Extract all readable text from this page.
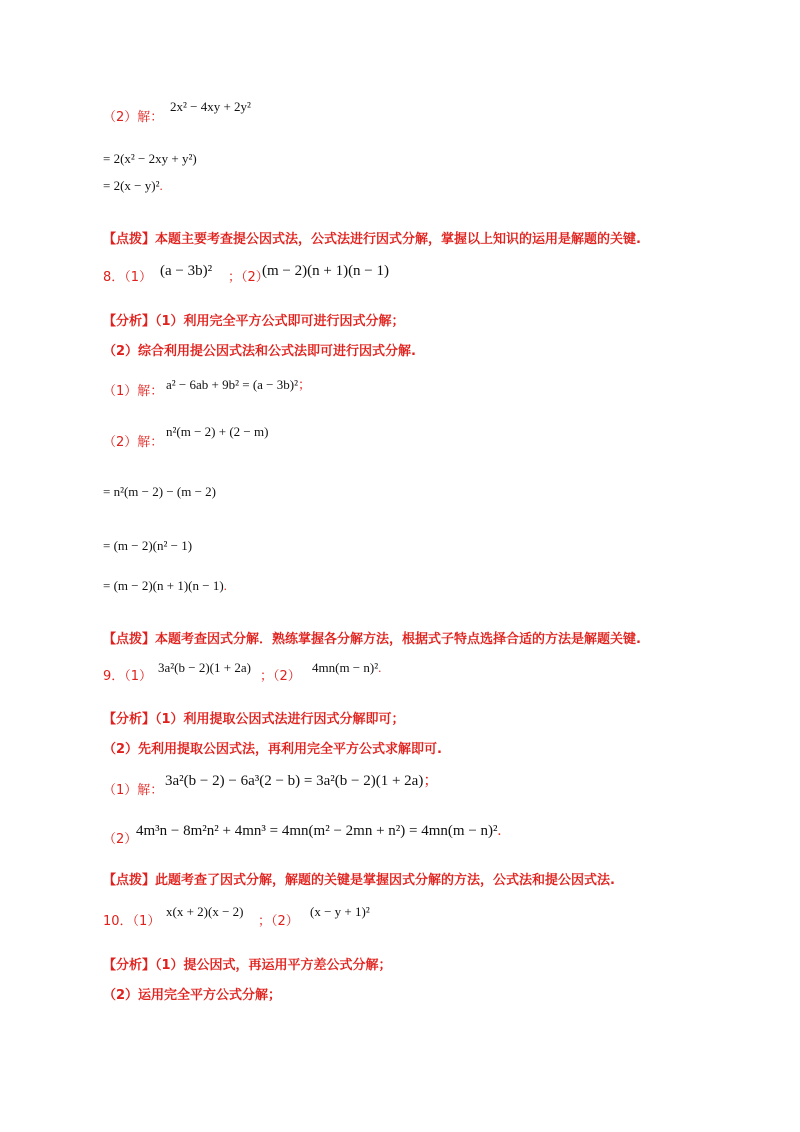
（2）解：
2x² − 4xy + 2y²
= 2(x² − 2xy + y²)
= 2(x − y)².
【点拨】本题主要考查提公因式法，公式法进行因式分解，掌握以上知识的运用是解题的关键.
8．（1） (a − 3b)² ；（2）
(m − 2)(n + 1)(n − 1)
【分析】（1）利用完全平方公式即可进行因式分解；
（2）综合利用提公因式法和公式法即可进行因式分解.
（1）解： a² − 6ab + 9b² = (a − 3b)²；
（2）解：
n²(m − 2) + (2 − m)
= n²(m − 2) − (m − 2)
= (m − 2)(n² − 1)
= (m − 2)(n + 1)(n − 1).
【点拨】本题考查因式分解．熟练掌握各分解方法，根据式子特点选择合适的方法是解题关键.
9．（1）
3a²(b − 2)(1 + 2a)
；（2）
4mn(m − n)².
【分析】（1）利用提取公因式法进行因式分解即可；
（2）先利用提取公因式法，再利用完全平方公式求解即可.
（1）解：
3a²(b − 2) − 6a³(2 − b) = 3a²(b − 2)(1 + 2a)；
（2）
4m³n − 8m²n² + 4mn³ = 4mn(m² − 2mn + n²) = 4mn(m − n)².
【点拨】此题考查了因式分解，解题的关键是掌握因式分解的方法，公式法和提公因式法.
10．（1）
x(x + 2)(x − 2)
；（2）
(x − y + 1)²
【分析】（1）提公因式，再运用平方差公式分解；
（2）运用完全平方公式分解；
